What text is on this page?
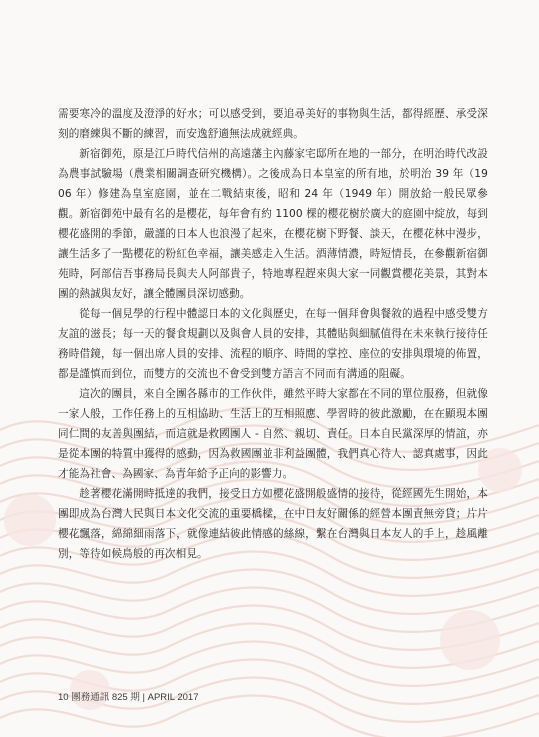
需要寒冷的溫度及澄淨的好水；可以感受到，要追尋美好的事物與生活，都得經歷、承受深刻的磨練與不斷的練習，而安逸舒適無法成就經典。

新宿御苑，原是江戶時代信州的高遠藩主內藤家宅邸所在地的一部分，在明治時代改設為農事試驗場（農業相關調查研究機構）。之後成為日本皇室的所有地，於明治 39 年（1906 年）修建為皇室庭園，並在二戰結束後，昭和 24 年（1949 年）開放給一般民眾參觀。新宿御苑中最有名的是櫻花，每年會有約 1100 棵的櫻花樹於廣大的庭園中綻放，每到櫻花盛開的季節，嚴謹的日本人也浪漫了起來，在櫻花樹下野餐、談天，在櫻花林中漫步，讓生活多了一點櫻花的粉紅色幸福，讓美感走入生活。酒薄情濃，時短情長，在參觀新宿御苑時，阿部信吾事務局長與夫人阿部貴子，特地專程趕來與大家一同觀賞櫻花美景，其對本團的熱誠與友好，讓全體團員深切感動。

從每一個見學的行程中體認日本的文化與歷史，在每一個拜會與餐敘的過程中感受雙方友誼的滋長；每一天的餐食規劃以及與會人員的安排，其體貼與細膩值得在未來執行接待任務時借鏡，每一個出席人員的安排、流程的順序、時間的掌控、座位的安排與環境的佈置，都是謹慎而到位，而雙方的交流也不會受到雙方語言不同而有溝通的阻礙。

這次的團員，來自全團各縣市的工作伙伴，雖然平時大家都在不同的單位服務，但就像一家人般，工作任務上的互相協助、生活上的互相照應、學習時的彼此激勵，在在顯現本團同仁間的友善與團結，而這就是救國團人 - 自然、親切、責任。日本自民黨深厚的情誼，亦是從本團的特質中獲得的感動，因為救國團並非利益團體，我們真心待人、認真處事，因此才能為社會、為國家、為青年給予正向的影響力。

趁著櫻花滿開時抵達的我們，接受日方如櫻花盛開般盛情的接待，從經國先生開始，本團即成為台灣人民與日本文化交流的重要橋樑，在中日友好關係的經營本團責無旁貸；片片櫻花飄落，綿綿細雨落下，就像連結彼此情感的絲線，繫在台灣與日本友人的手上，趁風離別，等待如候鳥般的再次相見。

10 團務通訊 825 期 | APRIL 2017
